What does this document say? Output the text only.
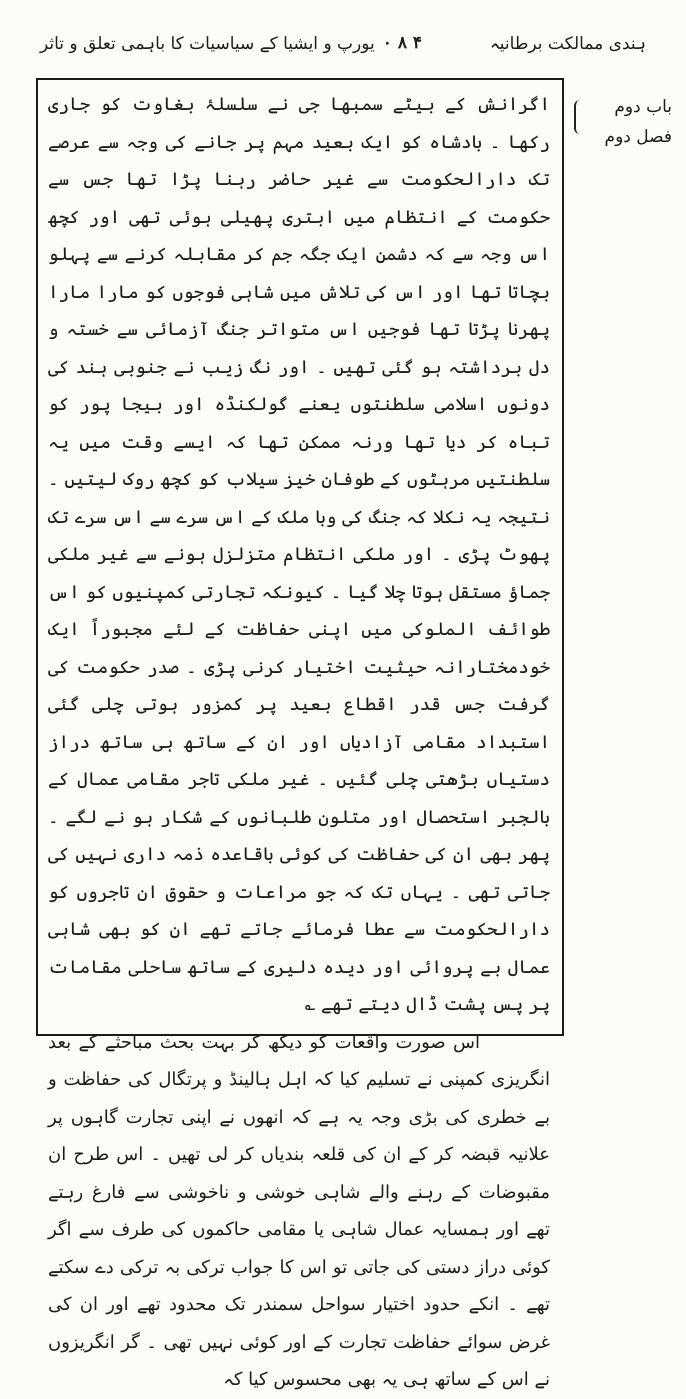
ہندی ممالکت برطانیہ
۰ ۸ ۴
یورپ و ایشیا کے سیاسیات کا باہمی تعلق و تاثر

اگرانش کے بیٹے سمبھا جی نے سلسلۂ بغاوت کو جاری رکھا ۔ بادشاہ کو ایک بعید مہم پر جانے کی وجہ سے عرصے تک دارالحکومت سے غیر حاضر رہنا پڑا تھا جس سے حکومت کے انتظام میں ابتری پھیلی ہوئی تھی اور کچھ اس وجہ سے کہ دشمن ایک جگہ جم کر مقابلہ کرنے سے پہلو بچاتا تھا اور اس کی تلاش میں شاہی فوجوں کو مارا مارا پھرنا پڑتا تھا فوجیں اس متواتر جنگ آزمائی سے خستہ و دل برداشتہ ہو گئی تھیں ۔ اور نگ زیب نے جنوبی ہند کی دونوں اسلامی سلطنتوں یعنے گولکنڈہ اور بیجا پور کو تباہ کر دیا تھا ورنہ ممکن تھا کہ ایسے وقت میں یہ سلطنتیں مرہٹوں کے طوفان خیز سیلاب کو کچھ روک لیتیں ۔ نتیجہ یہ نکلا کہ جنگ کی وبا ملک کے اس سرے سے اس سرے تک پھوٹ پڑی ۔ اور ملکی انتظام متزلزل ہونے سے غیر ملکی جماؤ مستقل ہوتا چلا گیا ۔ کیونکہ تجارتی کمپنیوں کو اس طوائف الملوکی میں اپنی حفاظت کے لئے مجبوراً ایک خودمختارانہ حیثیت اختیار کرنی پڑی ۔ صدر حکومت کی گرفت جس قدر اقطاع بعید پر کمزور ہوتی چلی گئی استبداد مقامی آزادیاں اور ان کے ساتھ ہی ساتھ دراز دستیاں بڑھتی چلی گئیں ۔ غیر ملکی تاجر مقامی عمال کے بالجبر استحصال اور متلون طلبانوں کے شکار ہو نے لگے ۔ پھر بھی ان کی حفاظت کی کوئی باقاعدہ ذمہ داری نہیں کی جاتی تھی ۔ یہاں تک کہ جو مراعات و حقوق ان تاجروں کو دارالحکومت سے عطا فرمائے جاتے تھے ان کو بھی شاہی عمال بے پروائی اور دیدہ دلیری کے ساتھ ساحلی مقامات پر پس پشت ڈال دیتے تھے ؎

اس صورت واقعات کو دیکھ کر بہت بحث مباحثے کے بعد انگریزی کمپنی نے تسلیم کیا کہ اہل ہالینڈ و پرتگال کی حفاظت و بے خطری کی بڑی وجہ یہ ہے کہ انھوں نے اپنی تجارت گاہوں پر علانیہ قبضہ کر کے ان کی قلعہ بندیاں کر لی تھیں ۔ اس طرح ان مقبوضات کے رہنے والے شاہی خوشی و ناخوشی سے فارغ رہتے تھے اور ہمسایہ عمال شاہی یا مقامی حاکموں کی طرف سے اگر کوئی دراز دستی کی جاتی تو اس کا جواب ترکی بہ ترکی دے سکتے تھے ۔ انکے حدود اختیار سواحل سمندر تک محدود تھے اور ان کی غرض سوائے حفاظت تجارت کے اور کوئی نہیں تھی ۔ گر انگریزوں نے اس کے ساتھ ہی یہ بھی محسوس کیا کہ

باب دوم
فصل دوم
